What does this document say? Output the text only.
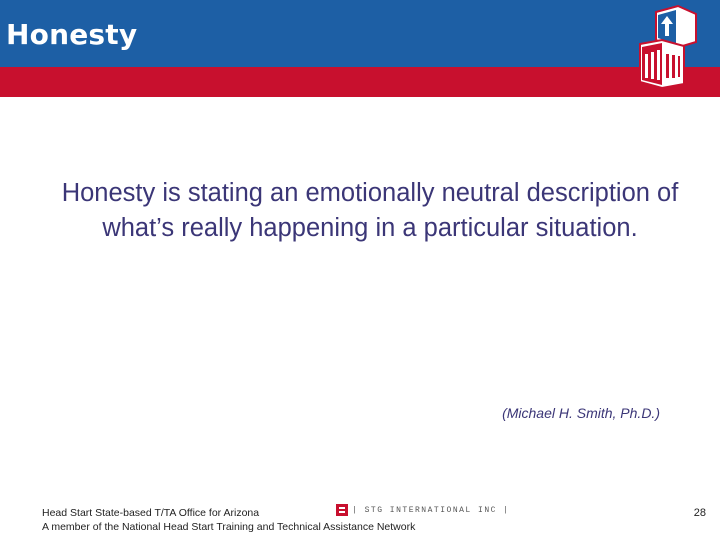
Honesty
Honesty is stating an emotionally neutral description of what’s really happening in a particular situation.
(Michael H. Smith, Ph.D.)
Head Start State-based T/TA Office for Arizona
A member of the National Head Start Training and Technical Assistance Network
| STG INTERNATIONAL INC |	28
